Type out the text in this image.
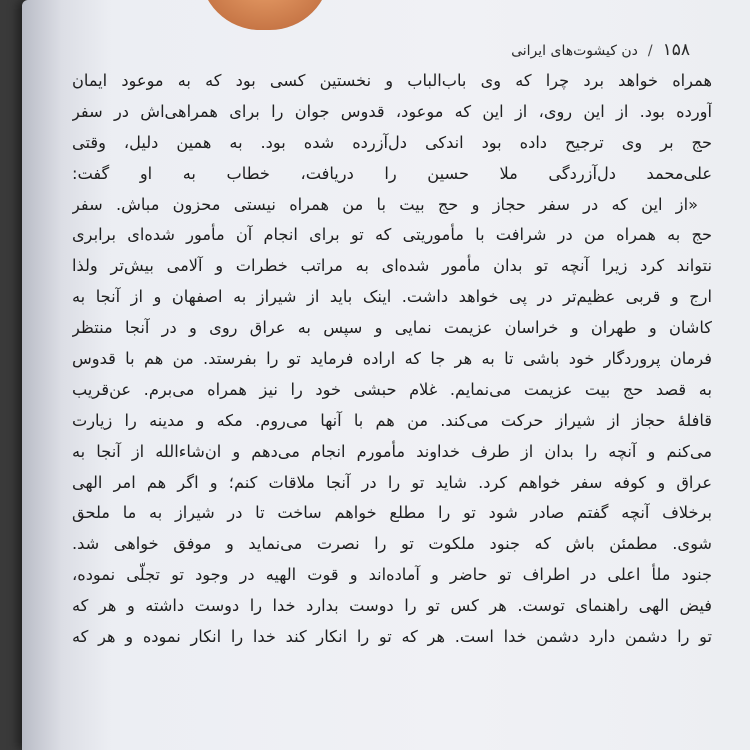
دن کیشوت‌های ایرانی / ۱۵۸
همراه خواهد برد چرا که وی باب‌الباب و نخستین کسی بود که به موعود ایمان
آورده بود. از این روی، از این که موعود، قدوس جوان را برای همراهی‌اش در سفر
حج بر وی ترجیح داده بود اندکی دل‌آزرده شده بود. به همین دلیل، وقتی
علی‌محمد دل‌آزردگی ملا حسین را دریافت، خطاب به او گفت:
«از این که در سفر حجاز و حج بیت با من همراه نیستی محزون مباش. سفر
حج به همراه من در شرافت با مأموریتی که تو برای انجام آن مأمور شده‌ای برابری
نتواند کرد زیرا آنچه تو بدان مأمور شده‌ای به مراتب خطرات و آلامی بیش‌تر ولذا
ارج و قربی عظیم‌تر در پی خواهد داشت. اینک باید از شیراز به اصفهان و از آنجا به
کاشان و طهران و خراسان عزیمت نمایی و سپس به عراق روی و در آنجا منتظر
فرمان پروردگار خود باشی تا به هر جا که اراده فرماید تو را بفرستد. من هم با قدوس
به قصد حج بیت عزیمت می‌نمایم. غلام حبشی خود را نیز همراه می‌برم. عن‌قریب
قافلهٔ حجاز از شیراز حرکت می‌کند. من هم با آنها می‌روم. مکه و مدینه را زیارت
می‌کنم و آنچه را بدان از طرف خداوند مأمورم انجام می‌دهم و ان‌شاءالله از آنجا به
عراق و کوفه سفر خواهم کرد. شاید تو را در آنجا ملاقات کنم؛ و اگر هم امر الهی
برخلاف آنچه گفتم صادر شود تو را مطلع خواهم ساخت تا در شیراز به ما ملحق
شوی. مطمئن باش که جنود ملکوت تو را نصرت می‌نماید و موفق خواهی شد.
جنود ملأ اعلی در اطراف تو حاضر و آماده‌اند و قوت الهیه در وجود تو تجلّی نموده،
فیض الهی راهنمای توست. هر کس تو را دوست بدارد خدا را دوست داشته و هر که
تو را دشمن دارد دشمن خدا است. هر که تو را انکار کند خدا را انکار نموده و هر که
